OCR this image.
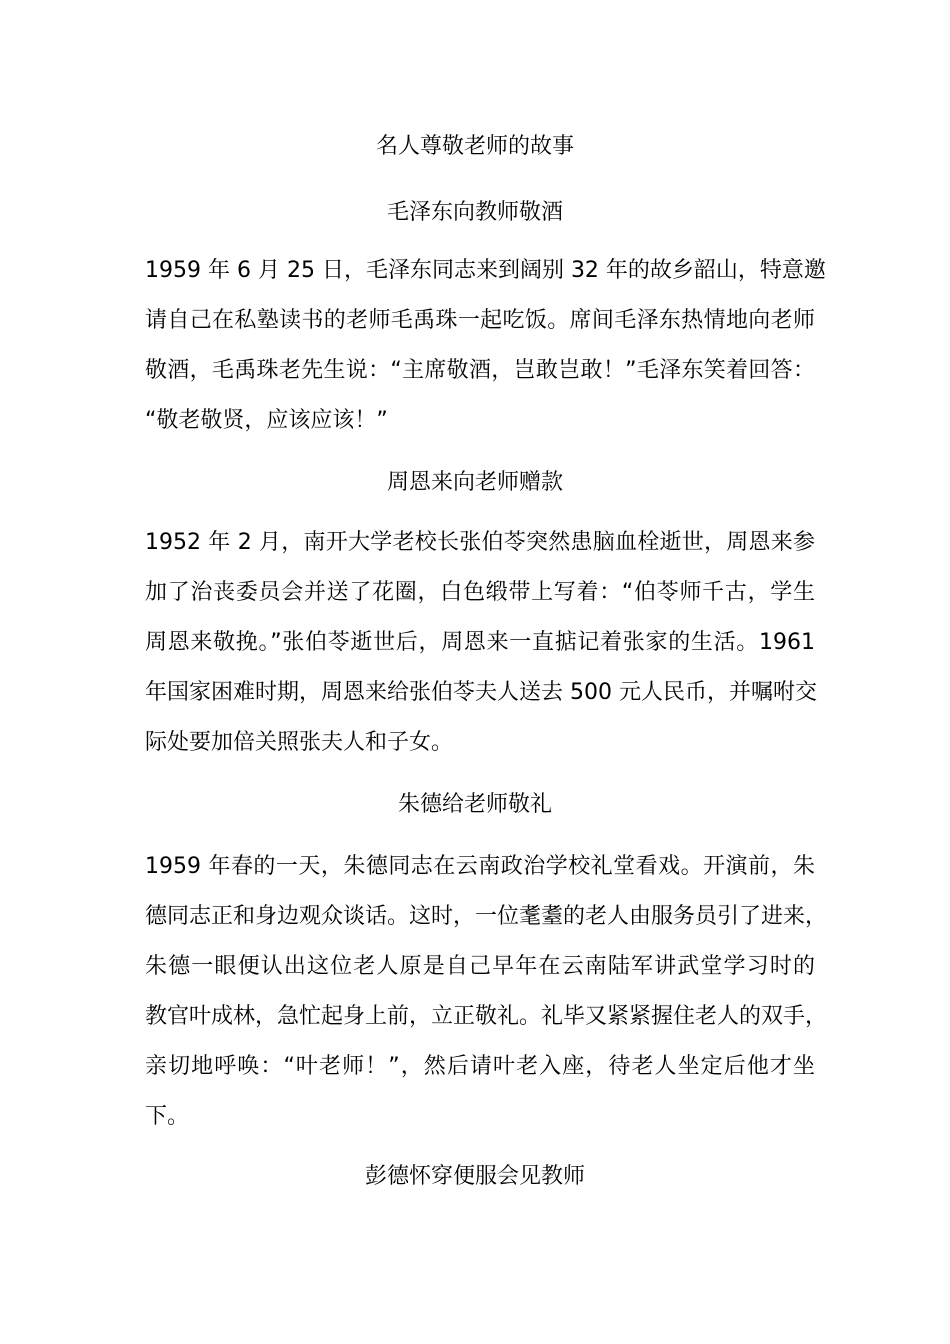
名人尊敬老师的故事
毛泽东向教师敬酒
1959 年 6 月 25 日，毛泽东同志来到阔别 32 年的故乡韶山，特意邀
请自己在私塾读书的老师毛禹珠一起吃饭。席间毛泽东热情地向老师
敬酒，毛禹珠老先生说：“主席敬酒，岂敢岂敢！”毛泽东笑着回答：
“敬老敬贤，应该应该！”
周恩来向老师赠款
1952 年 2 月，南开大学老校长张伯苓突然患脑血栓逝世，周恩来参
加了治丧委员会并送了花圈，白色缎带上写着：“伯苓师千古，学生
周恩来敬挽。”张伯苓逝世后，周恩来一直掂记着张家的生活。1961
年国家困难时期，周恩来给张伯苓夫人送去 500 元人民币，并嘱咐交
际处要加倍关照张夫人和子女。
朱德给老师敬礼
1959 年春的一天，朱德同志在云南政治学校礼堂看戏。开演前，朱
德同志正和身边观众谈话。这时，一位耄耋的老人由服务员引了进来，
朱德一眼便认出这位老人原是自己早年在云南陆军讲武堂学习时的
教官叶成林，急忙起身上前，立正敬礼。礼毕又紧紧握住老人的双手，
亲切地呼唤：“叶老师！”，然后请叶老入座，待老人坐定后他才坐
下。
彭德怀穿便服会见教师
